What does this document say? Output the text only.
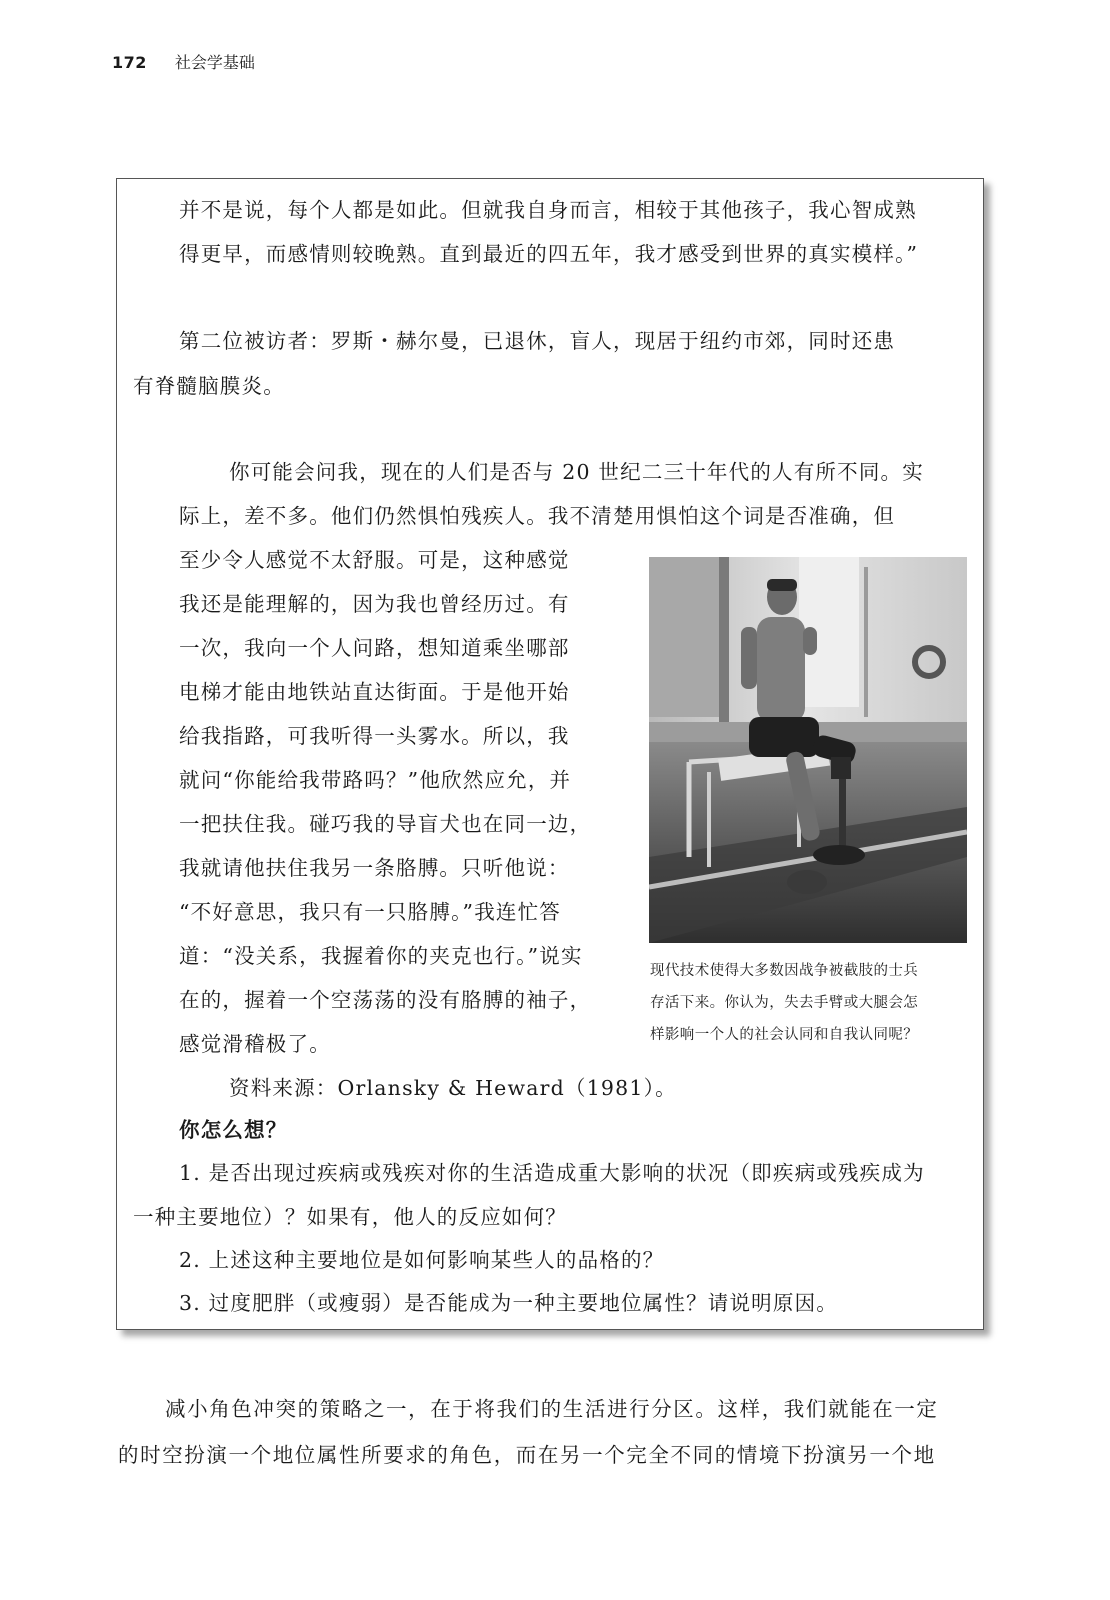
172 社会学基础
并不是说，每个人都是如此。但就我自身而言，相较于其他孩子，我心智成熟
得更早，而感情则较晚熟。直到最近的四五年，我才感受到世界的真实模样。”
第二位被访者：罗斯・赫尔曼，已退休，盲人，现居于纽约市郊，同时还患
有脊髓脑膜炎。
你可能会问我，现在的人们是否与 20 世纪二三十年代的人有所不同。实
际上，差不多。他们仍然惧怕残疾人。我不清楚用惧怕这个词是否准确，但
至少令人感觉不太舒服。可是，这种感觉
我还是能理解的，因为我也曾经历过。有
一次，我向一个人问路，想知道乘坐哪部
电梯才能由地铁站直达街面。于是他开始
给我指路，可我听得一头雾水。所以，我
就问“你能给我带路吗？”他欣然应允，并
一把扶住我。碰巧我的导盲犬也在同一边，
我就请他扶住我另一条胳膊。只听他说：
“不好意思，我只有一只胳膊。”我连忙答
道：“没关系，我握着你的夹克也行。”说实
在的，握着一个空荡荡的没有胳膊的袖子，
感觉滑稽极了。
资料来源：Orlansky & Heward（1981）。
现代技术使得大多数因战争被截肢的士兵
存活下来。你认为，失去手臂或大腿会怎
样影响一个人的社会认同和自我认同呢？
你怎么想？
1. 是否出现过疾病或残疾对你的生活造成重大影响的状况（即疾病或残疾成为
一种主要地位）？如果有，他人的反应如何？
2. 上述这种主要地位是如何影响某些人的品格的？
3. 过度肥胖（或瘦弱）是否能成为一种主要地位属性？请说明原因。
减小角色冲突的策略之一，在于将我们的生活进行分区。这样，我们就能在一定
的时空扮演一个地位属性所要求的角色，而在另一个完全不同的情境下扮演另一个地
